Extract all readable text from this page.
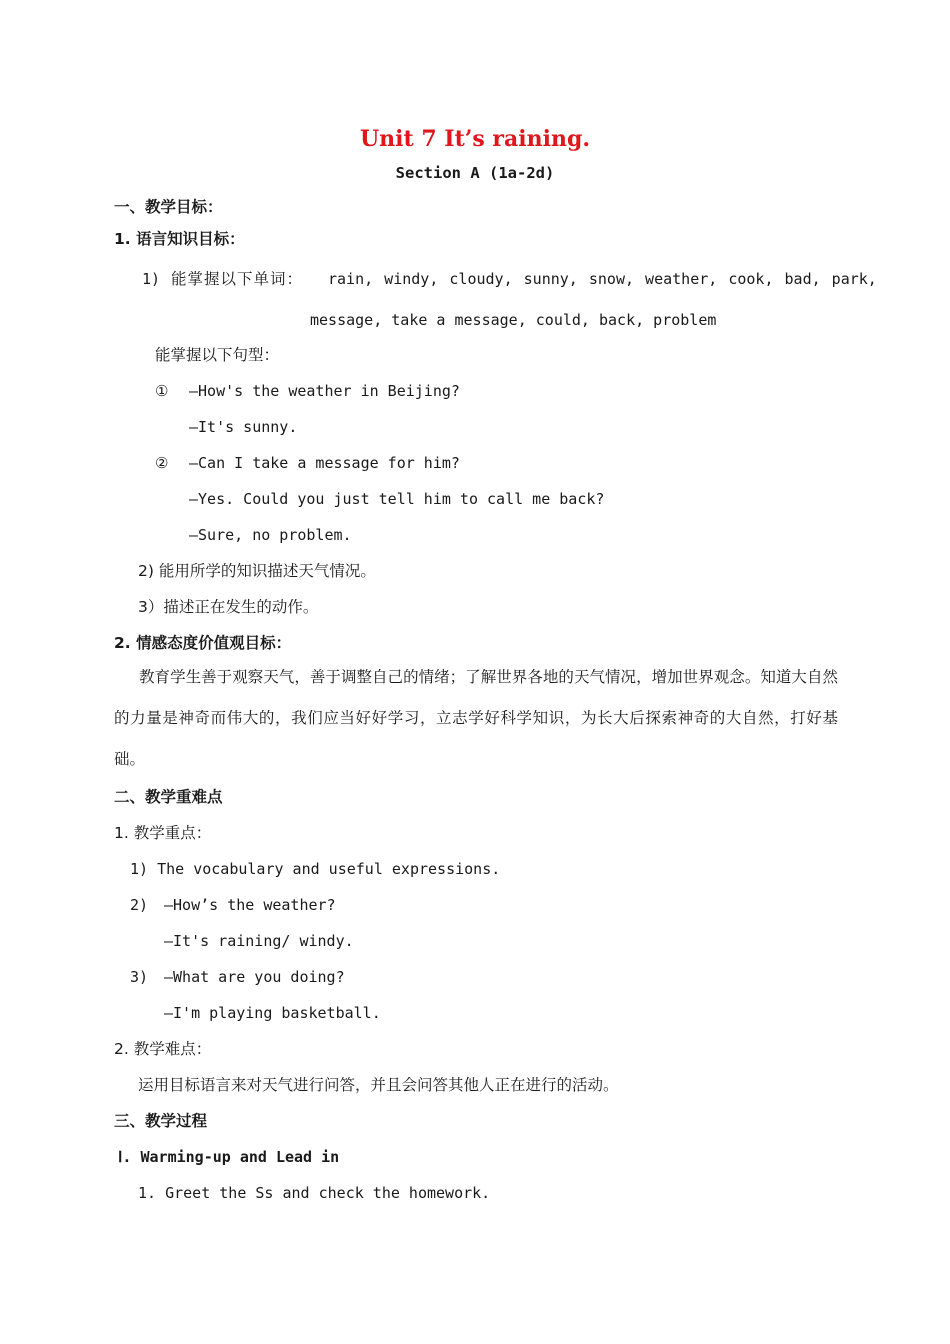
Unit 7 It’s raining.
Section A (1a-2d)
一、教学目标：
1. 语言知识目标：
1) 能掌握以下单词： rain, windy, cloudy, sunny, snow, weather, cook, bad, park,
message, take a message, could, back, problem
能掌握以下句型：
① —How's the weather in Beijing?
—It's sunny.
② —Can I take a message for him?
—Yes. Could you just tell him to call me back?
—Sure, no problem.
2) 能用所学的知识描述天气情况。
3）描述正在发生的动作。
2. 情感态度价值观目标：
教育学生善于观察天气，善于调整自己的情绪；了解世界各地的天气情况，增加世界观念。知道大自然的力量是神奇而伟大的，我们应当好好学习，立志学好科学知识，为长大后探索神奇的大自然，打好基础。
二、教学重难点
1. 教学重点：
1) The vocabulary and useful expressions.
2) —How’s the weather?
—It's raining/ windy.
3) —What are you doing?
—I'm playing basketball.
2. 教学难点：
运用目标语言来对天气进行问答，并且会问答其他人正在进行的活动。
三、教学过程
Ⅰ. Warming-up and Lead in
1. Greet the Ss and check the homework.
